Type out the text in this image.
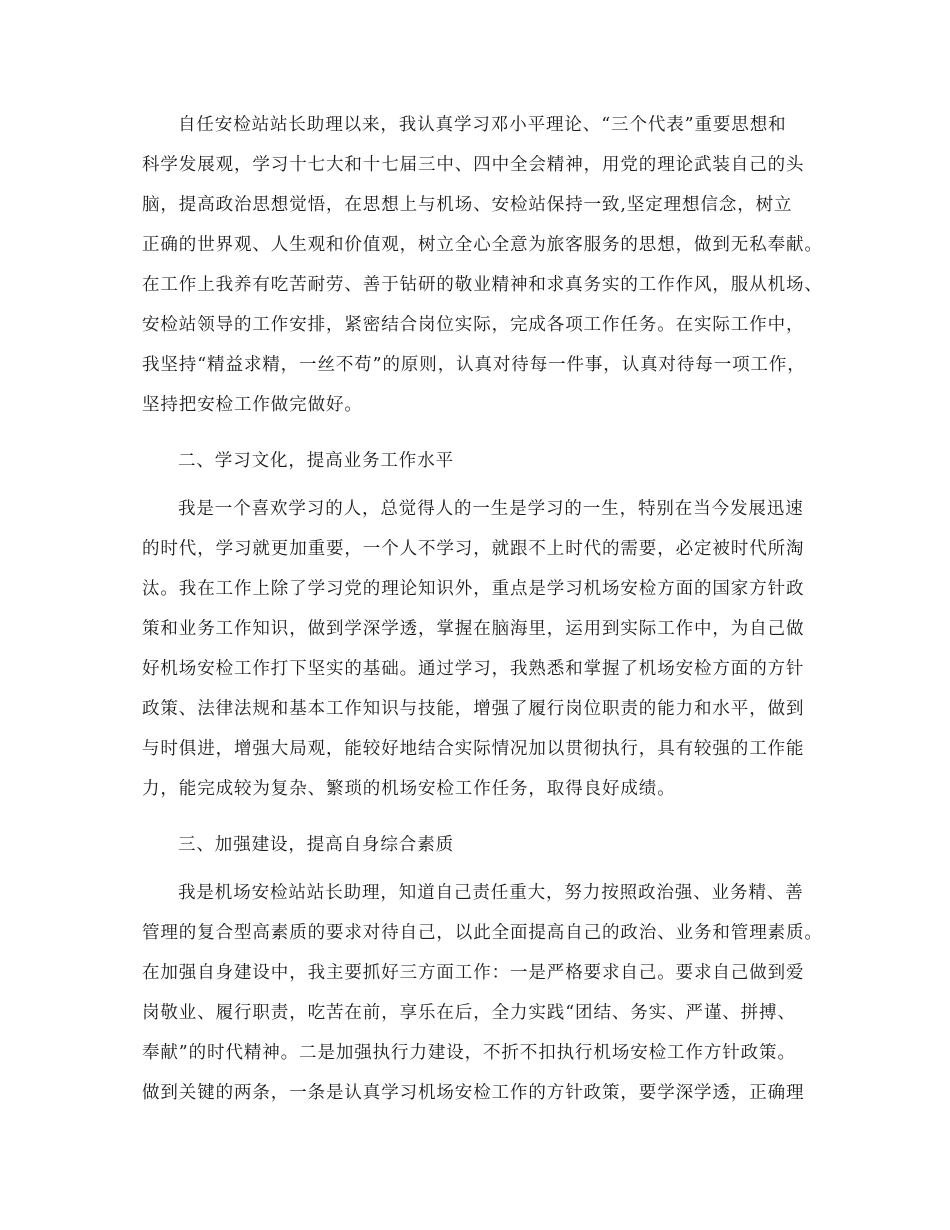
自任安检站站长助理以来，我认真学习邓小平理论、“三个代表”重要思想和
科学发展观，学习十七大和十七届三中、四中全会精神，用党的理论武装自己的头
脑，提高政治思想觉悟，在思想上与机场、安检站保持一致,坚定理想信念，树立
正确的世界观、人生观和价值观，树立全心全意为旅客服务的思想，做到无私奉献。
在工作上我养有吃苦耐劳、善于钻研的敬业精神和求真务实的工作作风，服从机场、
安检站领导的工作安排，紧密结合岗位实际，完成各项工作任务。在实际工作中，
我坚持“精益求精，一丝不苟”的原则，认真对待每一件事，认真对待每一项工作，
坚持把安检工作做完做好。
二、学习文化，提高业务工作水平
我是一个喜欢学习的人，总觉得人的一生是学习的一生，特别在当今发展迅速
的时代，学习就更加重要，一个人不学习，就跟不上时代的需要，必定被时代所淘
汰。我在工作上除了学习党的理论知识外，重点是学习机场安检方面的国家方针政
策和业务工作知识，做到学深学透，掌握在脑海里，运用到实际工作中，为自己做
好机场安检工作打下坚实的基础。通过学习，我熟悉和掌握了机场安检方面的方针
政策、法律法规和基本工作知识与技能，增强了履行岗位职责的能力和水平，做到
与时俱进，增强大局观，能较好地结合实际情况加以贯彻执行，具有较强的工作能
力，能完成较为复杂、繁琐的机场安检工作任务，取得良好成绩。
三、加强建设，提高自身综合素质
我是机场安检站站长助理，知道自己责任重大，努力按照政治强、业务精、善
管理的复合型高素质的要求对待自己，以此全面提高自己的政治、业务和管理素质。
在加强自身建设中，我主要抓好三方面工作：一是严格要求自己。要求自己做到爱
岗敬业、履行职责，吃苦在前，享乐在后，全力实践“团结、务实、严谨、拼搏、
奉献”的时代精神。二是加强执行力建设，不折不扣执行机场安检工作方针政策。
做到关键的两条，一条是认真学习机场安检工作的方针政策，要学深学透，正确理
